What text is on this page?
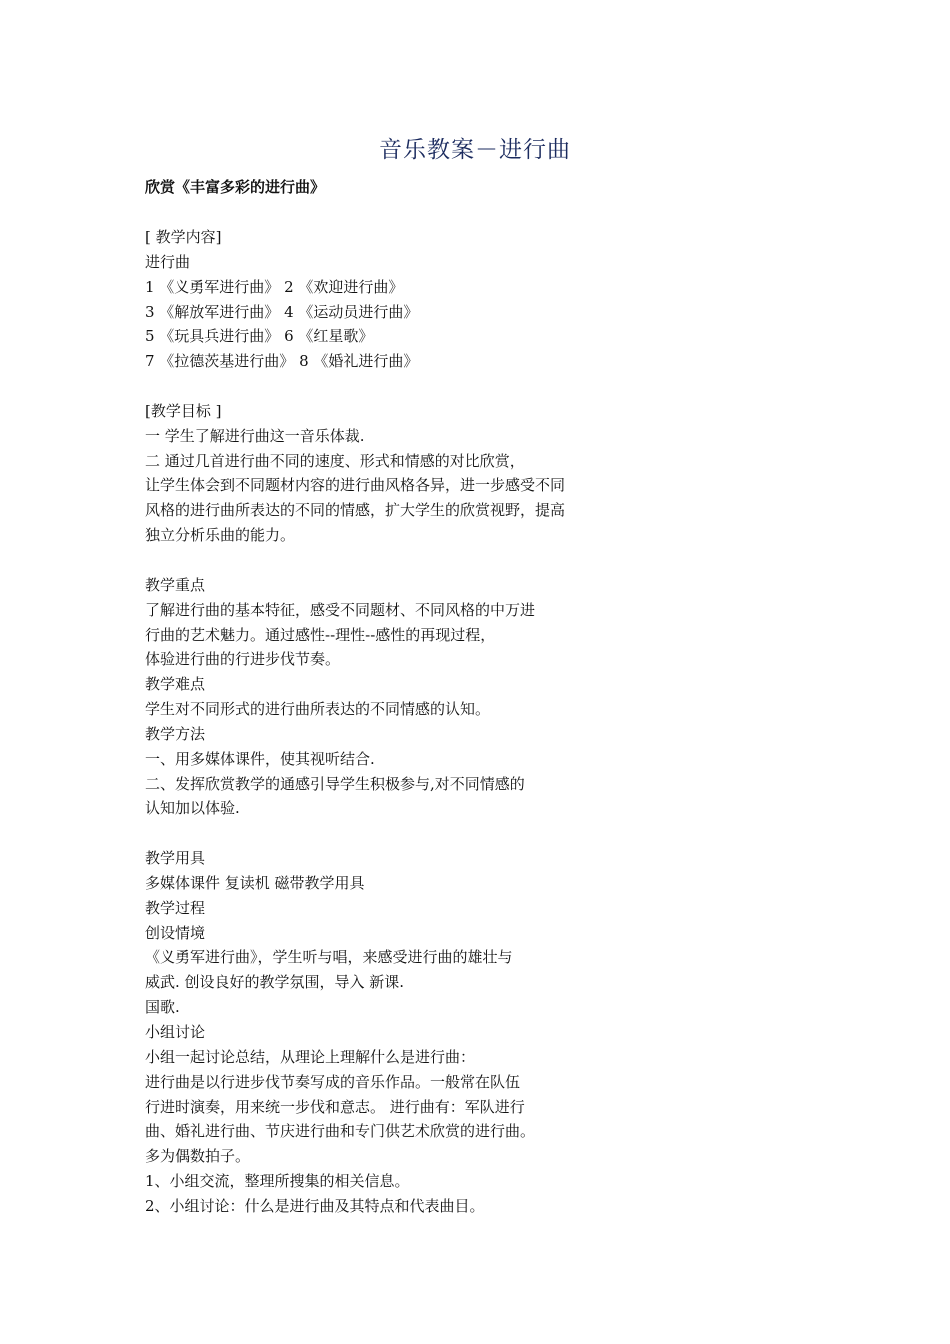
音乐教案－进行曲

欣赏《丰富多彩的进行曲》

[ 教学内容]
进行曲
1 《义勇军进行曲》 2 《欢迎进行曲》
3 《解放军进行曲》 4 《运动员进行曲》
5 《玩具兵进行曲》 6 《红星歌》
7 《拉德茨基进行曲》 8 《婚礼进行曲》
[教学目标 ]
一 学生了解进行曲这一音乐体裁.
二 通过几首进行曲不同的速度、形式和情感的对比欣赏，
让学生体会到不同题材内容的进行曲风格各异，进一步感受不同
风格的进行曲所表达的不同的情感，扩大学生的欣赏视野，提高
独立分析乐曲的能力。
教学重点
了解进行曲的基本特征，感受不同题材、不同风格的中万进
行曲的艺术魅力。通过感性--理性--感性的再现过程，
体验进行曲的行进步伐节奏。
教学难点
学生对不同形式的进行曲所表达的不同情感的认知。
教学方法
一、用多媒体课件，使其视听结合.
二、发挥欣赏教学的通感引导学生积极参与,对不同情感的
认知加以体验.
教学用具
多媒体课件 复读机 磁带教学用具
教学过程
创设情境
《义勇军进行曲》，学生听与唱，来感受进行曲的雄壮与
威武. 创设良好的教学氛围，导入 新课.
国歌.
小组讨论
小组一起讨论总结，从理论上理解什么是进行曲：
进行曲是以行进步伐节奏写成的音乐作品。一般常在队伍
行进时演奏，用来统一步伐和意志。 进行曲有：军队进行
曲、婚礼进行曲、节庆进行曲和专门供艺术欣赏的进行曲。
多为偶数拍子。
1、小组交流，整理所搜集的相关信息。
2、小组讨论：什么是进行曲及其特点和代表曲目。
